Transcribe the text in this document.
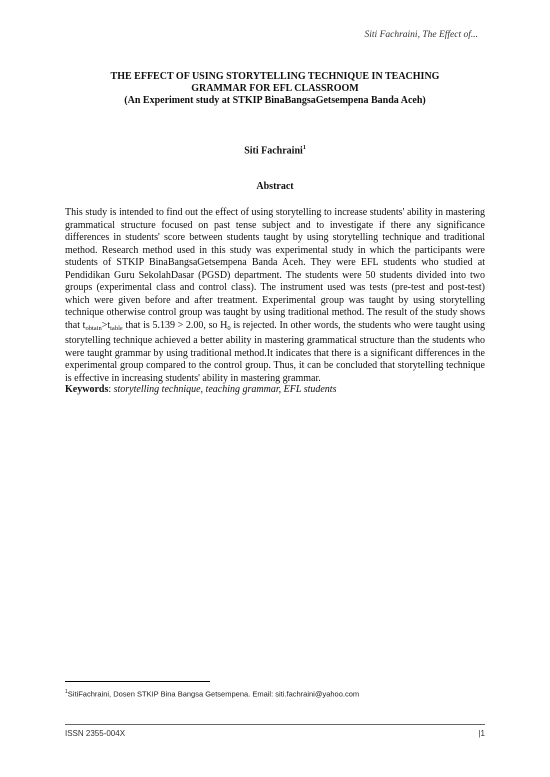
Siti Fachraini, The Effect of...
THE EFFECT OF USING STORYTELLING TECHNIQUE IN TEACHING
GRAMMAR FOR EFL CLASSROOM
(An Experiment study at STKIP BinaBangsaGetsempena Banda Aceh)
Siti Fachraini$^1$
Abstract

This study is intended to find out the effect of using storytelling to increase students' ability in mastering grammatical structure focused on past tense subject and to investigate if there any significance differences in students' score between students taught by using storytelling technique and traditional method. Research method used in this study was experimental study in which the participants were students of STKIP BinaBangsaGetsempena Banda Aceh. They were EFL students who studied at Pendidikan Guru SekolahDasar (PGSD) department. The students were 50 students divided into two groups (experimental class and control class). The instrument used was tests (pre-test and post-test) which were given before and after treatment. Experimental group was taught by using storytelling technique otherwise control group was taught by using traditional method. The result of the study shows that $t_{obtain}>t_{table}$ that is 5.139 > 2.00, so $H_0$ is rejected. In other words, the students who were taught using storytelling technique achieved a better ability in mastering grammatical structure than the students who were taught grammar by using traditional method.It indicates that there is a significant differences in the experimental group compared to the control group. Thus, it can be concluded that storytelling technique is effective in increasing students' ability in mastering grammar.

Keywords: storytelling technique, teaching grammar, EFL students
$^1$SitiFachraini, Dosen STKIP Bina Bangsa Getsempena. Email: siti.fachraini@yahoo.com
ISSN 2355-004X	|1
